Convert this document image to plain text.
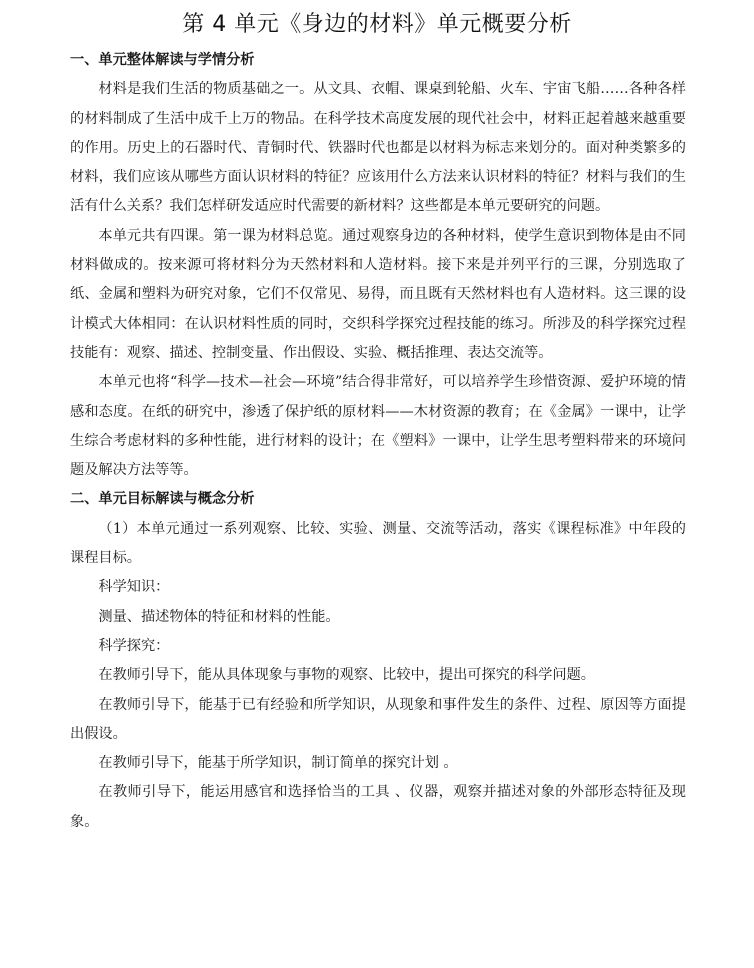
第 4 单元《身边的材料》单元概要分析

一、单元整体解读与学情分析

材料是我们生活的物质基础之一。从文具、衣帽、课桌到轮船、火车、宇宙飞船……各种各样的材料制成了生活中成千上万的物品。在科学技术高度发展的现代社会中，材料正起着越来越重要的作用。历史上的石器时代、青铜时代、铁器时代也都是以材料为标志来划分的。面对种类繁多的材料，我们应该从哪些方面认识材料的特征？应该用什么方法来认识材料的特征？材料与我们的生活有什么关系？我们怎样研发适应时代需要的新材料？这些都是本单元要研究的问题。

本单元共有四课。第一课为材料总览。通过观察身边的各种材料，使学生意识到物体是由不同材料做成的。按来源可将材料分为天然材料和人造材料。接下来是并列平行的三课，分别选取了纸、金属和塑料为研究对象，它们不仅常见、易得，而且既有天然材料也有人造材料。这三课的设计模式大体相同：在认识材料性质的同时，交织科学探究过程技能的练习。所涉及的科学探究过程技能有：观察、描述、控制变量、作出假设、实验、概括推理、表达交流等。

本单元也将“科学—技术—社会—环境”结合得非常好，可以培养学生珍惜资源、爱护环境的情感和态度。在纸的研究中，渗透了保护纸的原材料——木材资源的教育；在《金属》一课中，让学生综合考虑材料的多种性能，进行材料的设计；在《塑料》一课中，让学生思考塑料带来的环境问题及解决方法等等。

二、单元目标解读与概念分析

（1）本单元通过一系列观察、比较、实验、测量、交流等活动，落实《课程标准》中年段的课程目标。

科学知识：

测量、描述物体的特征和材料的性能。

科学探究：

在教师引导下，能从具体现象与事物的观察、比较中，提出可探究的科学问题。

在教师引导下，能基于已有经验和所学知识，从现象和事件发生的条件、过程、原因等方面提出假设。

在教师引导下，能基于所学知识，制订简单的探究计划 。

在教师引导下，能运用感官和选择恰当的工具 、仪器，观察并描述对象的外部形态特征及现象。
